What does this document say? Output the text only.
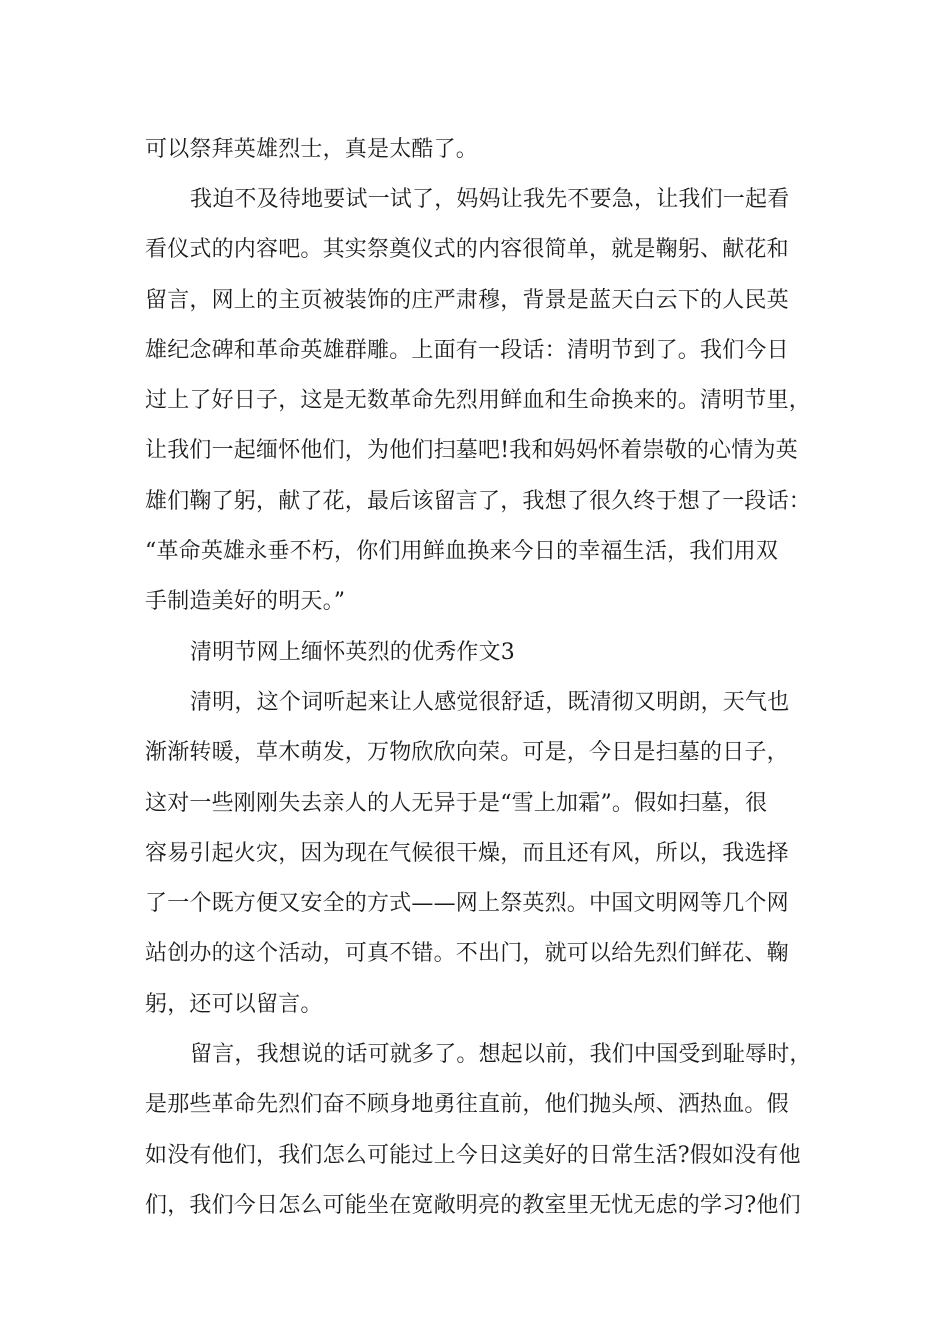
可以祭拜英雄烈士，真是太酷了。
我迫不及待地要试一试了，妈妈让我先不要急，让我们一起看
看仪式的内容吧。其实祭奠仪式的内容很简单，就是鞠躬、献花和
留言，网上的主页被装饰的庄严肃穆，背景是蓝天白云下的人民英
雄纪念碑和革命英雄群雕。上面有一段话：清明节到了。我们今日
过上了好日子，这是无数革命先烈用鲜血和生命换来的。清明节里，
让我们一起缅怀他们，为他们扫墓吧!我和妈妈怀着崇敬的心情为英
雄们鞠了躬，献了花，最后该留言了，我想了很久终于想了一段话：
“革命英雄永垂不朽，你们用鲜血换来今日的幸福生活，我们用双
手制造美好的明天。”
清明节网上缅怀英烈的优秀作文3
清明，这个词听起来让人感觉很舒适，既清彻又明朗，天气也
渐渐转暖，草木萌发，万物欣欣向荣。可是，今日是扫墓的日子，
这对一些刚刚失去亲人的人无异于是“雪上加霜”。假如扫墓，很
容易引起火灾，因为现在气候很干燥，而且还有风，所以，我选择
了一个既方便又安全的方式——网上祭英烈。中国文明网等几个网
站创办的这个活动，可真不错。不出门，就可以给先烈们鲜花、鞠
躬，还可以留言。
留言，我想说的话可就多了。想起以前，我们中国受到耻辱时，
是那些革命先烈们奋不顾身地勇往直前，他们抛头颅、洒热血。假
如没有他们，我们怎么可能过上今日这美好的日常生活?假如没有他
们，我们今日怎么可能坐在宽敞明亮的教室里无忧无虑的学习?他们
